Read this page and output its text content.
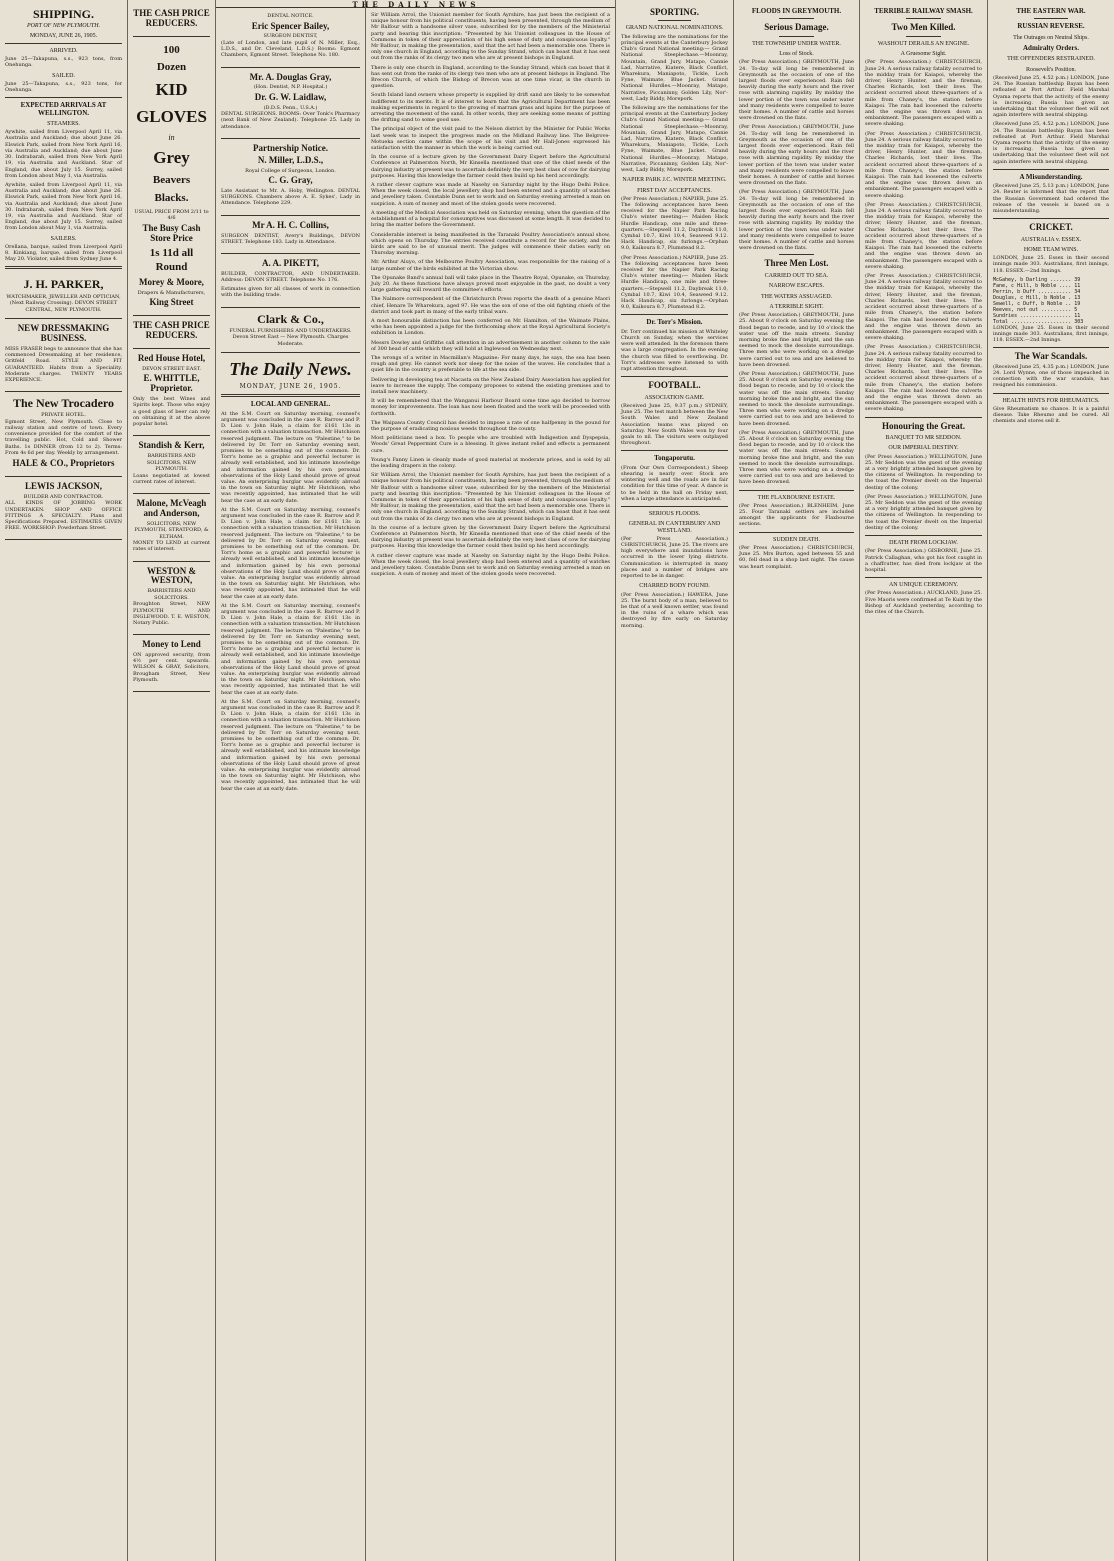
THE DAILY NEWS
SHIPPING.
PORT OF NEW PLYMOUTH.
MONDAY, JUNE 26, 1905.
ARRIVED.

June 25—Takapuna, s.s., 923 tons, from Onehunga.

SAILED.

June 25—Takapuna, s.s., 923 tons, for Onehunga.

EXPECTED ARRIVALS AT WELLINGTON.
STEAMERS.

Aywhite, sailed from Liverpool April 11, via Australia and Auckland; due about June 26. Elswick Park, sailed from New York April 16, via Australia and Auckland; due about June 30. Indrabarah, sailed from New York April 19, via Australia and Auckland. Star of England, due about July 15. Surrey, sailed from London about May 1, via Australia.

Aywhite, sailed from Liverpool April 11, via Australia and Auckland; due about June 26. Elswick Park, sailed from New York April 16, via Australia and Auckland; due about June 30. Indrabarah, sailed from New York April 19, via Australia and Auckland. Star of England, due about July 15. Surrey, sailed from London about May 1, via Australia.

SAILERS.

Orellana, barque, sailed from Liverpool April 8. Kinkiang, barque, sailed from Liverpool May 20. Violator, sailed from Sydney June 4.

J. H. PARKER,
WATCHMAKER, JEWELLER AND OPTICIAN,
(Next Railway Crossing). DEVON STREET CENTRAL, NEW PLYMOUTH.
NEW DRESSMAKING BUSINESS.

MISS FRASER begs to announce that she has commenced Dressmaking at her residence, Gritfeld Road. STYLE AND FIT GUARANTEED. Habits from a Speciality. Moderate charges. TWENTY YEARS EXPERIENCE.

The New Trocadero
PRIVATE HOTEL.

Egmont Street, New Plymouth. Close to railway station and centre of town. Every convenience provided for the comfort of the travelling public. Hot, Cold and Shower Baths. 1s DINNER (from 12 to 2). Terms: From 4s 6d per day. Weekly by arrangement.

HALE & CO., Proprietors
LEWIS JACKSON,
BUILDER AND CONTRACTOR.

ALL KINDS OF JOBBING WORK UNDERTAKEN. SHOP AND OFFICE FITTINGS A SPECIALTY. Plans and Specifications Prepared. ESTIMATES GIVEN FREE. WORKSHOP: Powderham Street.

THE CASH PRICE REDUCERS.
100
Dozen
KID
GLOVES
in
Grey
Beavers
Blacks.
USUAL PRICE FROM 2/11 to 4/6
The Busy Cash Store Price
1s 11d all Round
Morey & Moore,
Drapers & Manufacturers,
King Street
THE CASH PRICE REDUCERS.
Red House Hotel,
DEVON STREET EAST.
E. WHITTLE, Proprietor.

Only the best Wines and Spirits kept. Those who enjoy a good glass of beer can rely on obtaining it at the above popular hotel.

Standish & Kerr,
BARRISTERS AND SOLICITORS, NEW PLYMOUTH.

Loans negotiated at lowest current rates of interest.

Malone, McVeagh and Anderson,
SOLICITORS, NEW PLYMOUTH, STRATFORD, & ELTHAM.

MONEY TO LEND at current rates of interest.

WESTON & WESTON,
BARRISTERS AND SOLICITORS.

Broughton Street, NEW PLYMOUTH AND INGLEWOOD. T. E. WESTON, Notary Public.

Money to Lend

ON approved security, from 4½ per cent. upwards. WILSON & GRAY, Solicitors, Brougham Street, New Plymouth.

DENTAL NOTICE.
Eric Spencer Bailey,
SURGEON DENTIST,

(Late of London, and late pupil of N. Miller, Esq., L.D.S., and Dr. Cleveland, L.D.S.) Rooms: Egmont Chambers, Egmont Street. Telephone No. 180.

Mr. A. Douglas Gray,
(Hon. Dentist, N.P. Hospital.)
Dr. G. W. Laidlaw,
(D.D.S. Penn., U.S.A.)

DENTAL SURGEONS. ROOMS: Over Tonk's Pharmacy (next Bank of New Zealand). Telephone 25. Lady in attendance.

Partnership Notice.
N. Miller, L.D.S.,
Royal College of Surgeons, London.
C. G. Gray,

Late Assistant to Mr. A. Hoby, Wellington. DENTAL SURGEONS. Chambers above A. E. Sykes', Lady in Attendance. Telephone 229.

Mr A. H. C. Collins,

SURGEON DENTIST, Avery's Buildings, DEVON STREET. Telephone 183. Lady in Attendance.

A. A. PIKETT,

BUILDER, CONTRACTOR, AND UNDERTAKER. Address: DEVON STREET. Telephone No. 176.

Estimates given for all classes of work in connection with the building trade.

Clark & Co.,
FUNERAL FURNISHERS AND UNDERTAKERS.
Devon Street East — New Plymouth. Charges Moderate.
The Daily News.
MONDAY, JUNE 26, 1905.
LOCAL AND GENERAL.

At the S.M. Court on Saturday morning, counsel's argument was concluded in the case R. Barrow and P. D. Lion v. John Hale, a claim for £161 13s in connection with a valuation transaction. Mr Hutchison reserved judgment. The lecture on "Palestine," to be delivered by Dr. Torr on Saturday evening next, promises to be something out of the common. Dr. Torr's home as a graphic and powerful lecturer is already well established, and his intimate knowledge and information gained by his own personal observations of the Holy Land should prove of great value. An enterprising burglar was evidently abroad in the town on Saturday night. Mr Hutchison, who was recently appointed, has intimated that he will hear the case at an early date.

At the S.M. Court on Saturday morning, counsel's argument was concluded in the case R. Barrow and P. D. Lion v. John Hale, a claim for £161 13s in connection with a valuation transaction. Mr Hutchison reserved judgment. The lecture on "Palestine," to be delivered by Dr. Torr on Saturday evening next, promises to be something out of the common. Dr. Torr's home as a graphic and powerful lecturer is already well established, and his intimate knowledge and information gained by his own personal observations of the Holy Land should prove of great value. An enterprising burglar was evidently abroad in the town on Saturday night. Mr Hutchison, who was recently appointed, has intimated that he will hear the case at an early date.

At the S.M. Court on Saturday morning, counsel's argument was concluded in the case R. Barrow and P. D. Lion v. John Hale, a claim for £161 13s in connection with a valuation transaction. Mr Hutchison reserved judgment. The lecture on "Palestine," to be delivered by Dr. Torr on Saturday evening next, promises to be something out of the common. Dr. Torr's home as a graphic and powerful lecturer is already well established, and his intimate knowledge and information gained by his own personal observations of the Holy Land should prove of great value. An enterprising burglar was evidently abroad in the town on Saturday night. Mr Hutchison, who was recently appointed, has intimated that he will hear the case at an early date.

At the S.M. Court on Saturday morning, counsel's argument was concluded in the case R. Barrow and P. D. Lion v. John Hale, a claim for £161 13s in connection with a valuation transaction. Mr Hutchison reserved judgment. The lecture on "Palestine," to be delivered by Dr. Torr on Saturday evening next, promises to be something out of the common. Dr. Torr's home as a graphic and powerful lecturer is already well established, and his intimate knowledge and information gained by his own personal observations of the Holy Land should prove of great value. An enterprising burglar was evidently abroad in the town on Saturday night. Mr Hutchison, who was recently appointed, has intimated that he will hear the case at an early date.

Sir William Arrol, the Unionist member for South Ayrshire, has just been the recipient of a unique honour from his political constituents, having been presented, through the medium of Mr Balfour with a handsome silver vase, subscribed for by the members of the Ministerial party and bearing this inscription: "Presented by his Unionist colleagues in the House of Commons in token of their appreciation of his high sense of duty and conspicuous loyalty." Mr Balfour, in making the presentation, said that the act had been a memorable one. There is only one church in England, according to the Sunday Strand, which can boast that it has sent out from the ranks of its clergy two men who are at present bishops in England.

There is only one church in England, according to the Sunday Strand, which can boast that it has sent out from the ranks of its clergy two men who are at present bishops in England. The Brecon Church, of which the Bishop of Brecon was at one time vicar, is the church in question.

South Island land owners whose property is supplied by drift sand are likely to be somewhat indifferent to its merits. It is of interest to learn that the Agricultural Department has been making experiments in regard to the growing of marram grass and lupins for the purpose of arresting the movement of the sand. In other words, they are seeking some means of putting the drifting sand to some good use.

The principal object of the visit paid to the Nelson district by the Minister for Public Works last week was to inspect the progress made on the Midland Railway line. The Belgrove-Motueka section came within the scope of his visit and Mr Hall-Jones expressed his satisfaction with the manner in which the work is being carried out.

In the course of a lecture given by the Government Dairy Expert before the Agricultural Conference at Palmerston North, Mr Kinsella mentioned that one of the chief needs of the dairying industry at present was to ascertain definitely the very best class of cow for dairying purposes. Having this knowledge the farmer could then build up his herd accordingly.

A rather clever capture was made at Nasehy on Saturday night by the Hugo Delhi Police. When the week closed, the local jewellery shop had been entered and a quantity of watches and jewellery taken. Constable Dunn set to work and on Saturday evening arrested a man on suspicion. A sum of money and most of the stolen goods were recovered.

A meeting of the Medical Association was held on Saturday evening, when the question of the establishment of a hospital for consumptives was discussed at some length. It was decided to bring the matter before the Government.

Considerable interest is being manifested in the Taranaki Poultry Association's annual show, which opens on Thursday. The entries received constitute a record for the society, and the birds are said to be of unusual merit. The judges will commence their duties early on Thursday morning.

Mr. Arthur Aluyo, of the Melbourne Poultry Association, was responsible for the raising of a large number of the birds exhibited at the Victorian show.

The Opunake Band's annual ball will take place in the Theatre Royal, Opunake, on Thursday, July 20. As these functions have always proved most enjoyable in the past, no doubt a very large gathering will reward the committee's efforts.

The Nalmore correspondent of the Christchurch Press reports the death of a genuine Maori chief, Henare Te Wharekura, aged 97. He was the son of one of the old fighting chiefs of the district and took part in many of the early tribal wars.

A most honourable distinction has been conferred on Mr. Hamilton, of the Waimate Plains, who has been appointed a judge for the forthcoming show at the Royal Agricultural Society's exhibition in London.

Messrs Dowley and Griffiths call attention in an advertisement in another column to the sale of 300 head of cattle which they will hold at Inglewood on Wednesday next.

The wrongs of a writer in Macmillan's Magazine: For many days, he says, the sea has been rough and grey. He cannot work nor sleep for the noise of the waves. He concludes that a quiet life in the country is preferable to life at the sea side.

Delivering in developing tea at Nacasta on the New Zealand Dairy Association has applied for leave to increase the supply. The company proposes to extend the existing premises and to install new machinery.

It will be remembered that the Wanganui Harbour Board some time ago decided to borrow money for improvements. The loan has now been floated and the work will be proceeded with forthwith.

The Waipawa County Council has decided to impose a rate of one halfpenny in the pound for the purpose of eradicating noxious weeds throughout the county.

Most politicians need a box. To people who are troubled with Indigestion and Dyspepsia, Woods' Great Peppermint Cure is a blessing. It gives instant relief and effects a permanent cure.

Young's Fanny Linen is cleanly made of good material at moderate prices, and is sold by all the leading drapers in the colony.

Sir William Arrol, the Unionist member for South Ayrshire, has just been the recipient of a unique honour from his political constituents, having been presented, through the medium of Mr Balfour with a handsome silver vase, subscribed for by the members of the Ministerial party and bearing this inscription: "Presented by his Unionist colleagues in the House of Commons in token of their appreciation of his high sense of duty and conspicuous loyalty." Mr Balfour, in making the presentation, said that the act had been a memorable one. There is only one church in England, according to the Sunday Strand, which can boast that it has sent out from the ranks of its clergy two men who are at present bishops in England.

In the course of a lecture given by the Government Dairy Expert before the Agricultural Conference at Palmerston North, Mr Kinsella mentioned that one of the chief needs of the dairying industry at present was to ascertain definitely the very best class of cow for dairying purposes. Having this knowledge the farmer could then build up his herd accordingly.

A rather clever capture was made at Nasehy on Saturday night by the Hugo Delhi Police. When the week closed, the local jewellery shop had been entered and a quantity of watches and jewellery taken. Constable Dunn set to work and on Saturday evening arrested a man on suspicion. A sum of money and most of the stolen goods were recovered.

SPORTING.
GRAND NATIONAL NOMINATIONS.

The following are the nominations for the principal events at the Canterbury Jockey Club's Grand National meeting:— Grand National Steeplechase.—Moonray, Mountain, Grand Jury, Matapo, Cannie Lad, Narrative, Kiatere, Black Conflict, Wharekura, Maniapoto, Tickle, Loch Fyne, Waimate, Blue Jacket. Grand National Hurdles.—Moonray, Matapo, Narrative, Piccaninny, Golden Lily, Nor'-west, Lady Biddy, Morepork.

The following are the nominations for the principal events at the Canterbury Jockey Club's Grand National meeting:— Grand National Steeplechase.—Moonray, Mountain, Grand Jury, Matapo, Cannie Lad, Narrative, Kiatere, Black Conflict, Wharekura, Maniapoto, Tickle, Loch Fyne, Waimate, Blue Jacket. Grand National Hurdles.—Moonray, Matapo, Narrative, Piccaninny, Golden Lily, Nor'-west, Lady Biddy, Morepork.

NAPIER PARK J.C. WINTER MEETING.
FIRST DAY ACCEPTANCES.

(Per Press Association.) NAPIER, June 25. The following acceptances have been received for the Napier Park Racing Club's winter meeting:— Maiden Hack Hurdle Handicap, one mile and three-quarters.—Stepwell 11.2, Daybreak 11.0, Cymbal 10.7, Kiwi 10.4, Seaweed 9.12. Hack Handicap, six furlongs.—Orphan 9.0, Kaikoura 8.7, Plumstead 8.2.

(Per Press Association.) NAPIER, June 25. The following acceptances have been received for the Napier Park Racing Club's winter meeting:— Maiden Hack Hurdle Handicap, one mile and three-quarters.—Stepwell 11.2, Daybreak 11.0, Cymbal 10.7, Kiwi 10.4, Seaweed 9.12. Hack Handicap, six furlongs.—Orphan 9.0, Kaikoura 8.7, Plumstead 8.2.

Dr. Torr's Mission.

Dr. Torr continued his mission at Whiteley Church on Sunday, when the services were well attended. In the forenoon there was a large congregation. In the evening the church was filled to overflowing. Dr. Torr's addresses were listened to with rapt attention throughout.

FOOTBALL.
ASSOCIATION GAME.

(Received June 25, 9.37 p.m.) SYDNEY, June 25. The test match between the New South Wales and New Zealand Association teams was played on Saturday. New South Wales won by four goals to nil. The visitors were outplayed throughout.

Tongaporutu.

(From Our Own Correspondent.) Sheep shearing is nearly over. Stock are wintering well and the roads are in fair condition for this time of year. A dance is to be held in the hall on Friday next, when a large attendance is anticipated.

SERIOUS FLOODS.
GENERAL IN CANTERBURY AND WESTLAND.

(Per Press Association.) CHRISTCHURCH, June 25. The rivers are high everywhere and inundations have occurred in the lower lying districts. Communication is interrupted in many places and a number of bridges are reported to be in danger.

CHARRED BODY FOUND.

(Per Press Association.) HAWERA, June 25. The burnt body of a man, believed to be that of a well known settler, was found in the ruins of a whare which was destroyed by fire early on Saturday morning.

FLOODS IN GREYMOUTH.
Serious Damage.
THE TOWNSHIP UNDER WATER.
Loss of Stock.

(Per Press Association.) GREYMOUTH, June 24. To-day will long be remembered in Greymouth as the occasion of one of the largest floods ever experienced. Rain fell heavily during the early hours and the river rose with alarming rapidity. By midday the lower portion of the town was under water and many residents were compelled to leave their homes. A number of cattle and horses were drowned on the flats.

(Per Press Association.) GREYMOUTH, June 24. To-day will long be remembered in Greymouth as the occasion of one of the largest floods ever experienced. Rain fell heavily during the early hours and the river rose with alarming rapidity. By midday the lower portion of the town was under water and many residents were compelled to leave their homes. A number of cattle and horses were drowned on the flats.

(Per Press Association.) GREYMOUTH, June 24. To-day will long be remembered in Greymouth as the occasion of one of the largest floods ever experienced. Rain fell heavily during the early hours and the river rose with alarming rapidity. By midday the lower portion of the town was under water and many residents were compelled to leave their homes. A number of cattle and horses were drowned on the flats.

Three Men Lost.
CARRIED OUT TO SEA.
NARROW ESCAPES.
THE WATERS ASSUAGED.
A TERRIBLE SIGHT.

(Per Press Association.) GREYMOUTH, June 25. About 8 o'clock on Saturday evening the flood began to recede, and by 10 o'clock the water was off the main streets. Sunday morning broke fine and bright, and the sun seemed to mock the desolate surroundings. Three men who were working on a dredge were carried out to sea and are believed to have been drowned.

(Per Press Association.) GREYMOUTH, June 25. About 8 o'clock on Saturday evening the flood began to recede, and by 10 o'clock the water was off the main streets. Sunday morning broke fine and bright, and the sun seemed to mock the desolate surroundings. Three men who were working on a dredge were carried out to sea and are believed to have been drowned.

(Per Press Association.) GREYMOUTH, June 25. About 8 o'clock on Saturday evening the flood began to recede, and by 10 o'clock the water was off the main streets. Sunday morning broke fine and bright, and the sun seemed to mock the desolate surroundings. Three men who were working on a dredge were carried out to sea and are believed to have been drowned.

THE FLAXBOURNE ESTATE.

(Per Press Association.) BLENHEIM, June 25. Four Taranaki settlers are included amongst the applicants for Flaxbourne sections.

SUDDEN DEATH.

(Per Press Association.) CHRISTCHURCH, June 25. Mrs Burton, aged between 55 and 60, fell dead in a shop last night. The cause was heart complaint.

TERRIBLE RAILWAY SMASH.
Two Men Killed.
WASHOUT DERAILS AN ENGINE.
A Gruesome Sight.

(Per Press Association.) CHRISTCHURCH, June 24. A serious railway fatality occurred to the midday train for Kaiapoi, whereby the driver, Henry Hunter, and the fireman, Charles Richards, lost their lives. The accident occurred about three-quarters of a mile from Chaney's, the station before Kaiapoi. The rain had loosened the culverts and the engine was thrown down an embankment. The passengers escaped with a severe shaking.

(Per Press Association.) CHRISTCHURCH, June 24. A serious railway fatality occurred to the midday train for Kaiapoi, whereby the driver, Henry Hunter, and the fireman, Charles Richards, lost their lives. The accident occurred about three-quarters of a mile from Chaney's, the station before Kaiapoi. The rain had loosened the culverts and the engine was thrown down an embankment. The passengers escaped with a severe shaking.

(Per Press Association.) CHRISTCHURCH, June 24. A serious railway fatality occurred to the midday train for Kaiapoi, whereby the driver, Henry Hunter, and the fireman, Charles Richards, lost their lives. The accident occurred about three-quarters of a mile from Chaney's, the station before Kaiapoi. The rain had loosened the culverts and the engine was thrown down an embankment. The passengers escaped with a severe shaking.

(Per Press Association.) CHRISTCHURCH, June 24. A serious railway fatality occurred to the midday train for Kaiapoi, whereby the driver, Henry Hunter, and the fireman, Charles Richards, lost their lives. The accident occurred about three-quarters of a mile from Chaney's, the station before Kaiapoi. The rain had loosened the culverts and the engine was thrown down an embankment. The passengers escaped with a severe shaking.

(Per Press Association.) CHRISTCHURCH, June 24. A serious railway fatality occurred to the midday train for Kaiapoi, whereby the driver, Henry Hunter, and the fireman, Charles Richards, lost their lives. The accident occurred about three-quarters of a mile from Chaney's, the station before Kaiapoi. The rain had loosened the culverts and the engine was thrown down an embankment. The passengers escaped with a severe shaking.

Honouring the Great.
BANQUET TO MR SEDDON.
OUR IMPERIAL DESTINY.

(Per Press Association.) WELLINGTON, June 25. Mr Seddon was the guest of the evening at a very brightly attended banquet given by the citizens of Wellington. In responding to the toast the Premier dwelt on the Imperial destiny of the colony.

(Per Press Association.) WELLINGTON, June 25. Mr Seddon was the guest of the evening at a very brightly attended banquet given by the citizens of Wellington. In responding to the toast the Premier dwelt on the Imperial destiny of the colony.

DEATH FROM LOCKJAW.

(Per Press Association.) GISBORNE, June 25. Patrick Callaghan, who got his foot caught in a chaffcutter, has died from lockjaw at the hospital.

AN UNIQUE CEREMONY.

(Per Press Association.) AUCKLAND, June 25. Five Maoris were confirmed at Te Kuiti by the Bishop of Auckland yesterday, according to the rites of the Church.

THE EASTERN WAR.
RUSSIAN REVERSE.
The Outrages on Neutral Ships.
Admiralty Orders.
THE OFFENDERS RESTRAINED.
Roosevelt's Position.

(Received June 25, 4.52 p.m.) LONDON, June 24. The Russian battleship Bayan has been refloated at Port Arthur. Field Marshal Oyama reports that the activity of the enemy is increasing. Russia has given an undertaking that the volunteer fleet will not again interfere with neutral shipping.

(Received June 25, 4.52 p.m.) LONDON, June 24. The Russian battleship Bayan has been refloated at Port Arthur. Field Marshal Oyama reports that the activity of the enemy is increasing. Russia has given an undertaking that the volunteer fleet will not again interfere with neutral shipping.

A Misunderstanding.

(Received June 25, 5.13 p.m.) LONDON, June 24. Reuter is informed that the report that the Russian Government had ordered the release of the vessels is based on a misunderstanding.

CRICKET.
AUSTRALIA v. ESSEX.
HOME TEAM WINS.

LONDON, June 25. Essex in their second innings made 303. Australians, first innings, 118. ESSEX.—2nd Innings.

McGahey, b Darling ....... 39
Fane, c Hill, b Noble .... 11
Perrin, b Duff ........... 34
Douglas, c Hill, b Noble . 13
Sewell, c Duff, b Noble .. 19
Reeves, not out .......... 5
Sundries ................. 11
Total .................... 303

LONDON, June 25. Essex in their second innings made 303. Australians, first innings, 118. ESSEX.—2nd Innings.

The War Scandals.

(Received June 25, 4.35 p.m.) LONDON, June 24. Lord Wynne, one of those impeached in connection with the war scandals, has resigned his commission.

HEALTH HINTS FOR RHEUMATICS.

Give Rheumatism no chance. It is a painful disease. Take Rheumo and be cured. All chemists and stores sell it.
